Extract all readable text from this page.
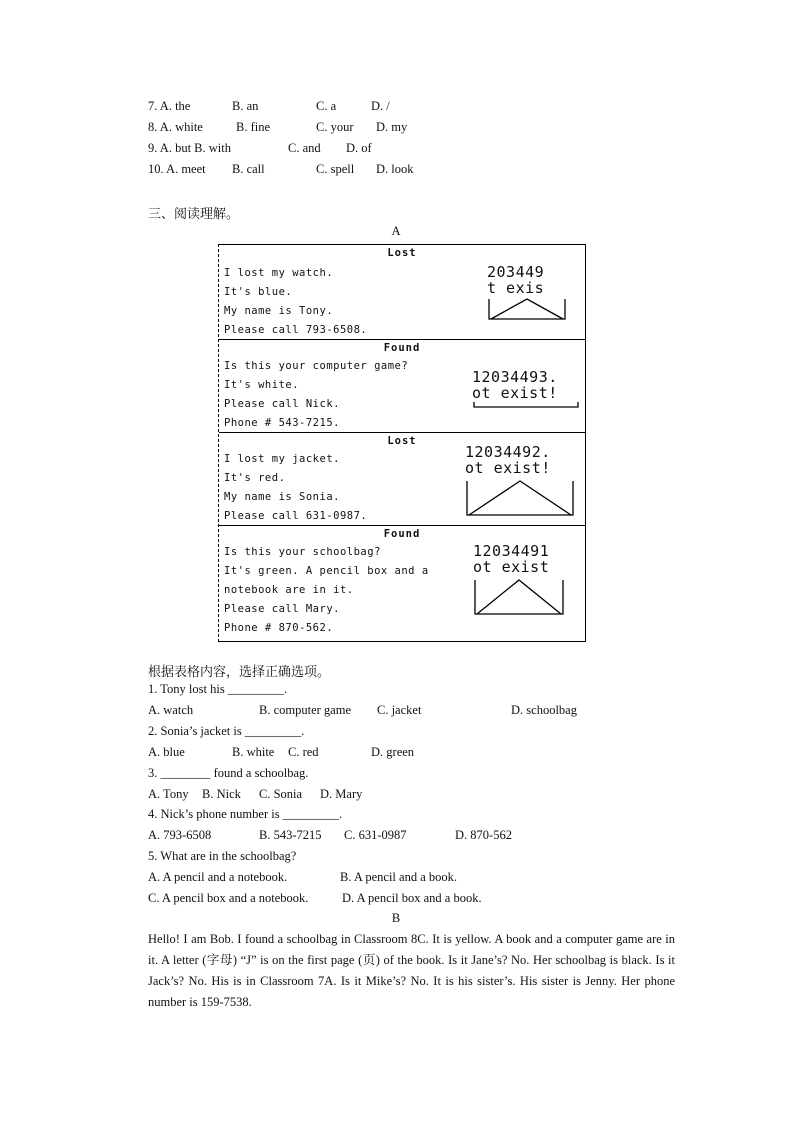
7. A. the	B. an	C. a	D. /
8. A. white	B. fine	C. your D. my
9. A. but B. with	C. and D. of
10. A. meet B. call	C. spell D. look
三、阅读理解。
A
Lost
I lost my watch.
It's blue.
My name is Tony.
Please call 793-6508.
203449
t exis
Found
Is this your computer game?
It's white.
Please call Nick.
Phone # 543-7215.
12034493.
ot exist!
Lost
I lost my jacket.
It's red.
My name is Sonia.
Please call 631-0987.
12034492.
ot exist!
Found
Is this your schoolbag?
It's green. A pencil box and a
notebook are in it.
Please call Mary.
Phone # 870-562.
12034491
ot exist
根据表格内容，选择正确选项。
1. Tony lost his _________.
A. watch	B. computer game C. jacket	D. schoolbag
2. Sonia’s jacket is _________.
A. blue	B. white C. red	D. green
3. ________ found a schoolbag.
A. Tony B. Nick C. Sonia D. Mary
4. Nick’s phone number is _________.
A. 793-6508	B. 543-7215 C. 631-0987	D. 870-562
5. What are in the schoolbag?
A. A pencil and a notebook.	B. A pencil and a book.
C. A pencil box and a notebook.	D. A pencil box and a book.
B
Hello! I am Bob. I found a schoolbag in Classroom 8C. It is yellow. A book and a computer game are in it. A letter (字母) “J” is on the first page (页) of the book. Is it Jane’s? No. Her schoolbag is black. Is it Jack’s? No. His is in Classroom 7A. Is it Mike’s? No. It is his sister’s. His sister is Jenny. Her phone number is 159-7538.
